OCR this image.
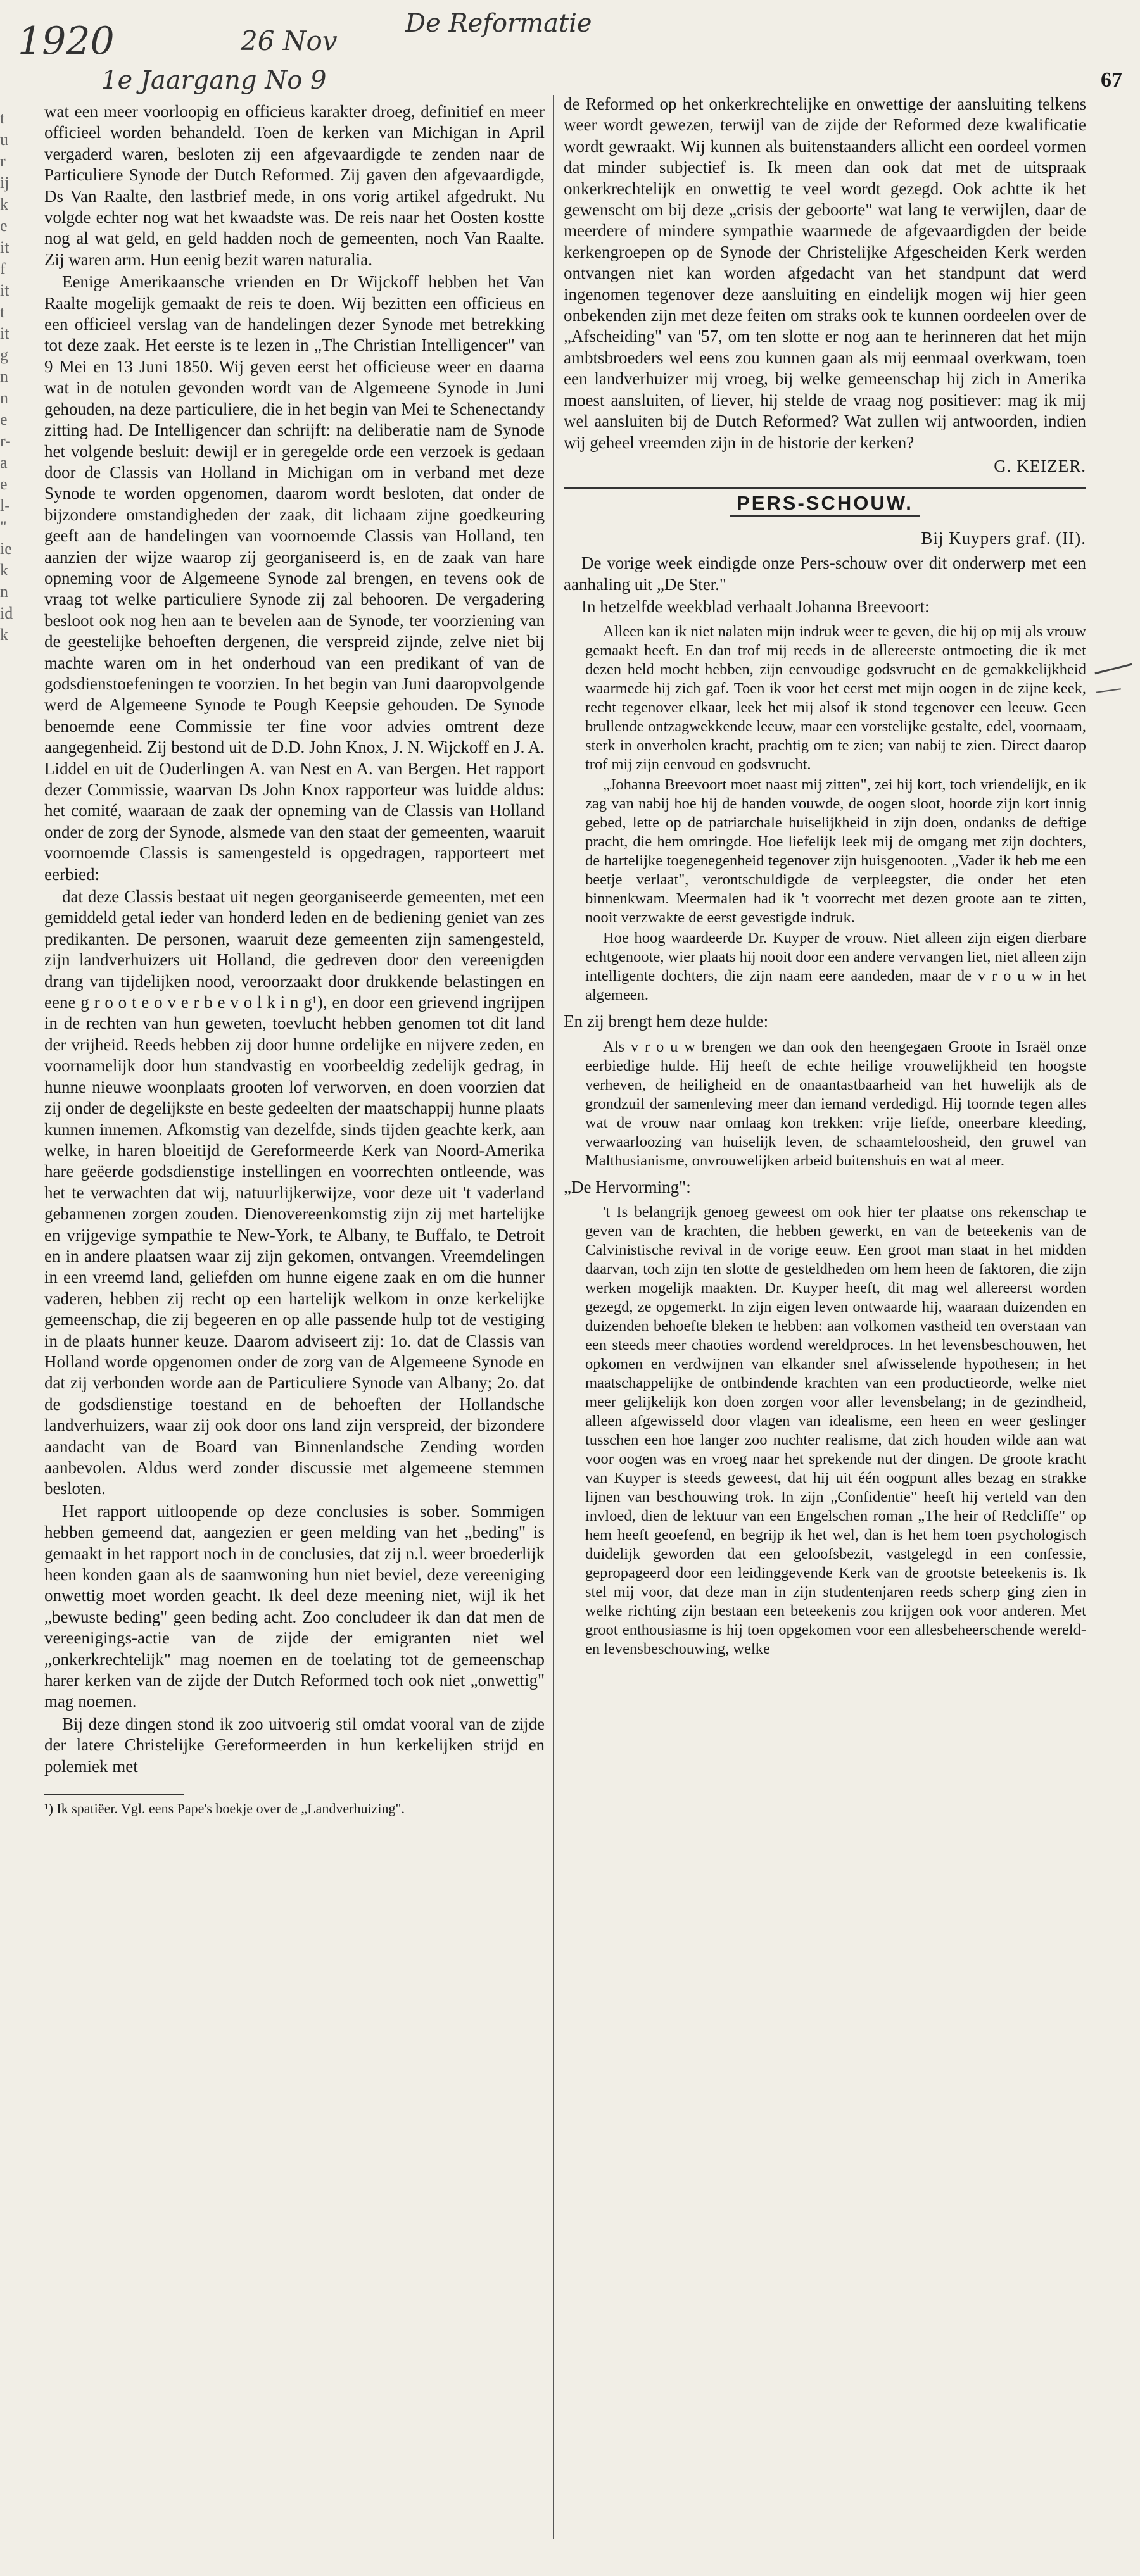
1920	26 Nov
De Reformatie
1e Jaargang No 9	67
t
u
r
ij
k
e
it
f
it
t
it
g
n
n
e
r-
a
e
l-
"
ie
k
n
id
k

wat een meer voorloopig en officieus karakter droeg, definitief en meer officieel worden behandeld. Toen de kerken van Michigan in April vergaderd waren, besloten zij een afgevaardigde te zenden naar de Particuliere Synode der Dutch Reformed. Zij gaven den afgevaardigde, Ds Van Raalte, den lastbrief mede, in ons vorig artikel afgedrukt. Nu volgde echter nog wat het kwaadste was. De reis naar het Oosten kostte nog al wat geld, en geld hadden noch de gemeenten, noch Van Raalte. Zij waren arm. Hun eenig bezit waren naturalia.

Eenige Amerikaansche vrienden en Dr Wijckoff hebben het Van Raalte mogelijk gemaakt de reis te doen. Wij bezitten een officieus en een officieel verslag van de handelingen dezer Synode met betrekking tot deze zaak. Het eerste is te lezen in „The Christian Intelligencer" van 9 Mei en 13 Juni 1850. Wij geven eerst het officieuse weer en daarna wat in de notulen gevonden wordt van de Algemeene Synode in Juni gehouden, na deze particuliere, die in het begin van Mei te Schenectandy zitting had. De Intelligencer dan schrijft: na deliberatie nam de Synode het volgende besluit: dewijl er in geregelde orde een verzoek is gedaan door de Classis van Holland in Michigan om in verband met deze Synode te worden opgenomen, daarom wordt besloten, dat onder de bijzondere omstandigheden der zaak, dit lichaam zijne goedkeuring geeft aan de handelingen van voornoemde Classis van Holland, ten aanzien der wijze waarop zij georganiseerd is, en de zaak van hare opneming voor de Algemeene Synode zal brengen, en tevens ook de vraag tot welke particuliere Synode zij zal behooren. De vergadering besloot ook nog hen aan te bevelen aan de Synode, ter voorziening van de geestelijke behoeften dergenen, die verspreid zijnde, zelve niet bij machte waren om in het onderhoud van een predikant of van de godsdienstoefeningen te voorzien. In het begin van Juni daaropvolgende werd de Algemeene Synode te Pough Keepsie gehouden. De Synode benoemde eene Commissie ter fine voor advies omtrent deze aangegenheid. Zij bestond uit de D.D. John Knox, J. N. Wijckoff en J. A. Liddel en uit de Ouderlingen A. van Nest en A. van Bergen. Het rapport dezer Commissie, waarvan Ds John Knox rapporteur was luidde aldus: het comité, waaraan de zaak der opneming van de Classis van Holland onder de zorg der Synode, alsmede van den staat der gemeenten, waaruit voornoemde Classis is samengesteld is opgedragen, rapporteert met eerbied:

dat deze Classis bestaat uit negen georganiseerde gemeenten, met een gemiddeld getal ieder van honderd leden en de bediening geniet van zes predikanten. De personen, waaruit deze gemeenten zijn samengesteld, zijn landverhuizers uit Holland, die gedreven door den vereenigden drang van tijdelijken nood, veroorzaakt door drukkende belastingen en eene g r o o t e o v e r b e v o l k i n g¹), en door een grievend ingrijpen in de rechten van hun geweten, toevlucht hebben genomen tot dit land der vrijheid. Reeds hebben zij door hunne ordelijke en nijvere zeden, en voornamelijk door hun standvastig en voorbeeldig zedelijk gedrag, in hunne nieuwe woonplaats grooten lof verworven, en doen voorzien dat zij onder de degelijkste en beste gedeelten der maatschappij hunne plaats kunnen innemen. Afkomstig van dezelfde, sinds tijden geachte kerk, aan welke, in haren bloeitijd de Gereformeerde Kerk van Noord-Amerika hare geëerde godsdienstige instellingen en voorrechten ontleende, was het te verwachten dat wij, natuurlijkerwijze, voor deze uit 't vaderland gebannenen zorgen zouden. Dienovereenkomstig zijn zij met hartelijke en vrijgevige sympathie te New-York, te Albany, te Buffalo, te Detroit en in andere plaatsen waar zij zijn gekomen, ontvangen. Vreemdelingen in een vreemd land, geliefden om hunne eigene zaak en om die hunner vaderen, hebben zij recht op een hartelijk welkom in onze kerkelijke gemeenschap, die zij begeeren en op alle passende hulp tot de vestiging in de plaats hunner keuze. Daarom adviseert zij: 1o. dat de Classis van Holland worde opgenomen onder de zorg van de Algemeene Synode en dat zij verbonden worde aan de Particuliere Synode van Albany; 2o. dat de godsdienstige toestand en de behoeften der Hollandsche landverhuizers, waar zij ook door ons land zijn verspreid, der bizondere aandacht van de Board van Binnenlandsche Zending worden aanbevolen. Aldus werd zonder discussie met algemeene stemmen besloten.

Het rapport uitloopende op deze conclusies is sober. Sommigen hebben gemeend dat, aangezien er geen melding van het „beding" is gemaakt in het rapport noch in de conclusies, dat zij n.l. weer broederlijk heen konden gaan als de saamwoning hun niet beviel, deze vereeniging onwettig moet worden geacht. Ik deel deze meening niet, wijl ik het „bewuste beding" geen beding acht. Zoo concludeer ik dan dat men de vereenigings-actie van de zijde der emigranten niet wel „onkerkrechtelijk" mag noemen en de toelating tot de gemeenschap harer kerken van de zijde der Dutch Reformed toch ook niet „onwettig" mag noemen.

Bij deze dingen stond ik zoo uitvoerig stil omdat vooral van de zijde der latere Christelijke Gereformeerden in hun kerkelijken strijd en polemiek met

¹) Ik spatiëer. Vgl. eens Pape's boekje over de „Landverhuizing".

de Reformed op het onkerkrechtelijke en onwettige der aansluiting telkens weer wordt gewezen, terwijl van de zijde der Reformed deze kwalificatie wordt gewraakt. Wij kunnen als buitenstaanders allicht een oordeel vormen dat minder subjectief is. Ik meen dan ook dat met de uitspraak onkerkrechtelijk en onwettig te veel wordt gezegd. Ook achtte ik het gewenscht om bij deze „crisis der geboorte" wat lang te verwijlen, daar de meerdere of mindere sympathie waarmede de afgevaardigden der beide kerkengroepen op de Synode der Christelijke Afgescheiden Kerk werden ontvangen niet kan worden afgedacht van het standpunt dat werd ingenomen tegenover deze aansluiting en eindelijk mogen wij hier geen onbekenden zijn met deze feiten om straks ook te kunnen oordeelen over de „Afscheiding" van '57, om ten slotte er nog aan te herinneren dat het mijn ambtsbroeders wel eens zou kunnen gaan als mij eenmaal overkwam, toen een landverhuizer mij vroeg, bij welke gemeenschap hij zich in Amerika moest aansluiten, of liever, hij stelde de vraag nog positiever: mag ik mij wel aansluiten bij de Dutch Reformed? Wat zullen wij antwoorden, indien wij geheel vreemden zijn in de historie der kerken?

G. KEIZER.
PERS-SCHOUW.
Bij Kuypers graf. (II).

De vorige week eindigde onze Pers-schouw over dit onderwerp met een aanhaling uit „De Ster."

In hetzelfde weekblad verhaalt Johanna Breevoort:

Alleen kan ik niet nalaten mijn indruk weer te geven, die hij op mij als vrouw gemaakt heeft. En dan trof mij reeds in de allereerste ontmoeting die ik met dezen held mocht hebben, zijn eenvoudige godsvrucht en de gemakkelijkheid waarmede hij zich gaf. Toen ik voor het eerst met mijn oogen in de zijne keek, recht tegenover elkaar, leek het mij alsof ik stond tegenover een leeuw. Geen brullende ontzagwekkende leeuw, maar een vorstelijke gestalte, edel, voornaam, sterk in onverholen kracht, prachtig om te zien; van nabij te zien. Direct daarop trof mij zijn eenvoud en godsvrucht.

„Johanna Breevoort moet naast mij zitten", zei hij kort, toch vriendelijk, en ik zag van nabij hoe hij de handen vouwde, de oogen sloot, hoorde zijn kort innig gebed, lette op de patriarchale huiselijkheid in zijn doen, ondanks de deftige pracht, die hem omringde. Hoe liefelijk leek mij de omgang met zijn dochters, de hartelijke toegenegenheid tegenover zijn huisgenooten. „Vader ik heb me een beetje verlaat", verontschuldigde de verpleegster, die onder het eten binnenkwam. Meermalen had ik 't voorrecht met dezen groote aan te zitten, nooit verzwakte de eerst gevestigde indruk.

Hoe hoog waardeerde Dr. Kuyper de vrouw. Niet alleen zijn eigen dierbare echtgenoote, wier plaats hij nooit door een andere vervangen liet, niet alleen zijn intelligente dochters, die zijn naam eere aandeden, maar de v r o u w in het algemeen.

En zij brengt hem deze hulde:

Als v r o u w brengen we dan ook den heengegaen Groote in Israël onze eerbiedige hulde. Hij heeft de echte heilige vrouwelijkheid ten hoogste verheven, de heiligheid en de onaantastbaarheid van het huwelijk als de grondzuil der samenleving meer dan iemand verdedigd. Hij toornde tegen alles wat de vrouw naar omlaag kon trekken: vrije liefde, oneerbare kleeding, verwaarloozing van huiselijk leven, de schaamteloosheid, den gruwel van Malthusianisme, onvrouwelijken arbeid buitenshuis en wat al meer.

„De Hervorming":

't Is belangrijk genoeg geweest om ook hier ter plaatse ons rekenschap te geven van de krachten, die hebben gewerkt, en van de beteekenis van de Calvinistische revival in de vorige eeuw. Een groot man staat in het midden daarvan, toch zijn ten slotte de gesteldheden om hem heen de faktoren, die zijn werken mogelijk maakten. Dr. Kuyper heeft, dit mag wel allereerst worden gezegd, ze opgemerkt. In zijn eigen leven ontwaarde hij, waaraan duizenden en duizenden behoefte bleken te hebben: aan volkomen vastheid ten overstaan van een steeds meer chaoties wordend wereldproces. In het levensbeschouwen, het opkomen en verdwijnen van elkander snel afwisselende hypothesen; in het maatschappelijke de ontbindende krachten van een productieorde, welke niet meer gelijkelijk kon doen zorgen voor aller levensbelang; in de gezindheid, alleen afgewisseld door vlagen van idealisme, een heen en weer geslinger tusschen een hoe langer zoo nuchter realisme, dat zich houden wilde aan wat voor oogen was en vroeg naar het sprekende nut der dingen. De groote kracht van Kuyper is steeds geweest, dat hij uit één oogpunt alles bezag en strakke lijnen van beschouwing trok. In zijn „Confidentie" heeft hij verteld van den invloed, dien de lektuur van een Engelschen roman „The heir of Redcliffe" op hem heeft geoefend, en begrijp ik het wel, dan is het hem toen psychologisch duidelijk geworden dat een geloofsbezit, vastgelegd in een confessie, gepropageerd door een leidinggevende Kerk van de grootste beteekenis is. Ik stel mij voor, dat deze man in zijn studentenjaren reeds scherp ging zien in welke richting zijn bestaan een beteekenis zou krijgen ook voor anderen. Met groot enthousiasme is hij toen opgekomen voor een allesbeheerschende wereld- en levensbeschouwing, welke
